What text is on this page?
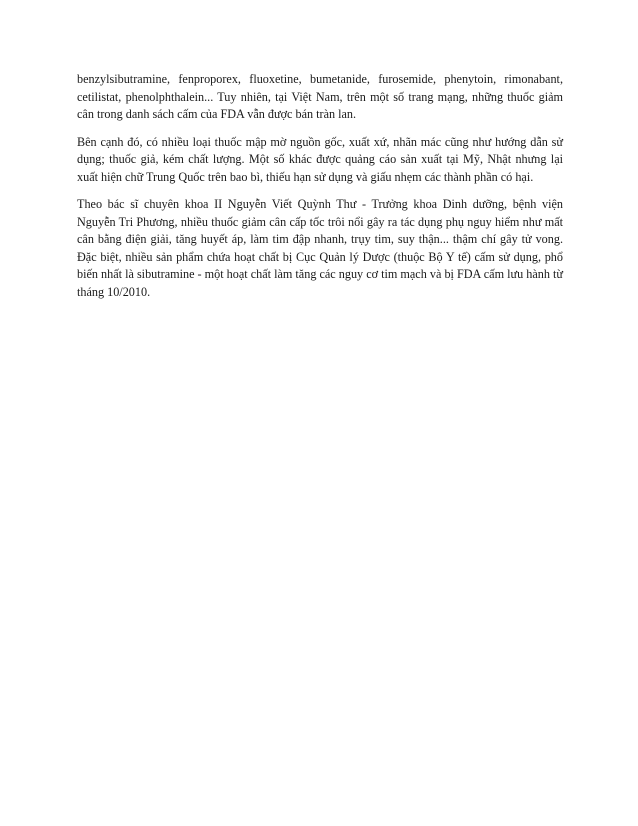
benzylsibutramine, fenproporex, fluoxetine, bumetanide, furosemide, phenytoin, rimonabant, cetilistat, phenolphthalein... Tuy nhiên, tại Việt Nam, trên một số trang mạng, những thuốc giảm cân trong danh sách cấm của FDA vẫn được bán tràn lan.

Bên cạnh đó, có nhiều loại thuốc mập mờ nguồn gốc, xuất xứ, nhãn mác cũng như hướng dẫn sử dụng; thuốc giả, kém chất lượng. Một số khác được quảng cáo sản xuất tại Mỹ, Nhật nhưng lại xuất hiện chữ Trung Quốc trên bao bì, thiếu hạn sử dụng và giấu nhẹm các thành phần có hại.

Theo bác sĩ chuyên khoa II Nguyễn Viết Quỳnh Thư - Trưởng khoa Dinh dưỡng, bệnh viện Nguyễn Tri Phương, nhiều thuốc giảm cân cấp tốc trôi nổi gây ra tác dụng phụ nguy hiểm như mất cân bằng điện giải, tăng huyết áp, làm tim đập nhanh, trụy tim, suy thận... thậm chí gây tử vong. Đặc biệt, nhiều sản phẩm chứa hoạt chất bị Cục Quản lý Dược (thuộc Bộ Y tế) cấm sử dụng, phổ biến nhất là sibutramine - một hoạt chất làm tăng các nguy cơ tim mạch và bị FDA cấm lưu hành từ tháng 10/2010.
